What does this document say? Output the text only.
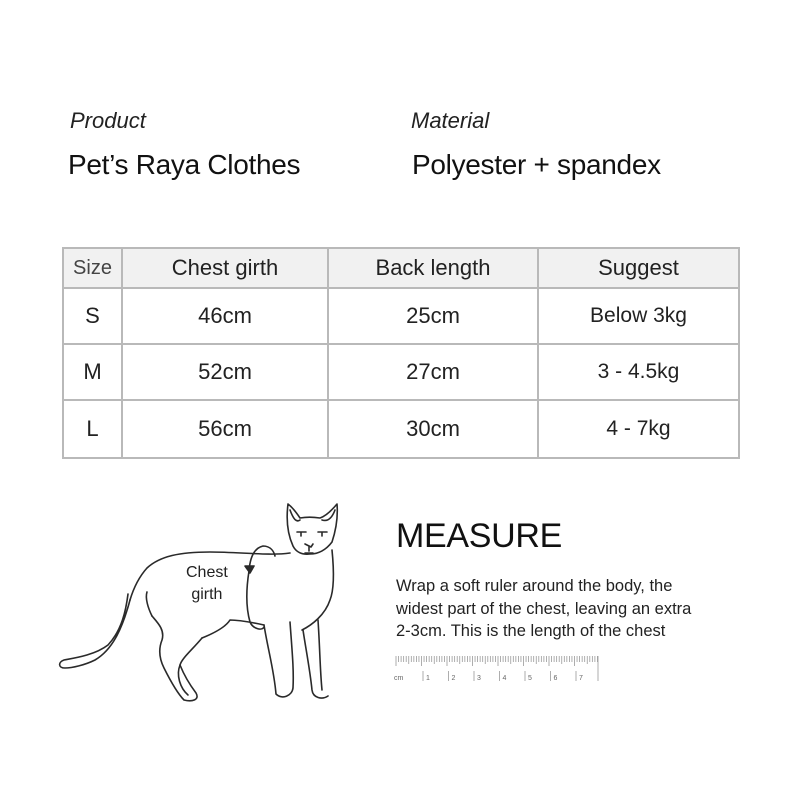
Product
Pet’s Raya Clothes
Material
Polyester + spandex
Size	Chest girth	Back length	Suggest
S	46cm	25cm	Below 3kg
M	52cm	27cm	3 - 4.5kg
L	56cm	30cm	4 - 7kg
Chest
girth
MEASURE
Wrap a soft ruler around the body, the
widest part of the chest, leaving an extra
2-3cm. This is the length of the chest
cm	1	2	3	4	5	6	7
